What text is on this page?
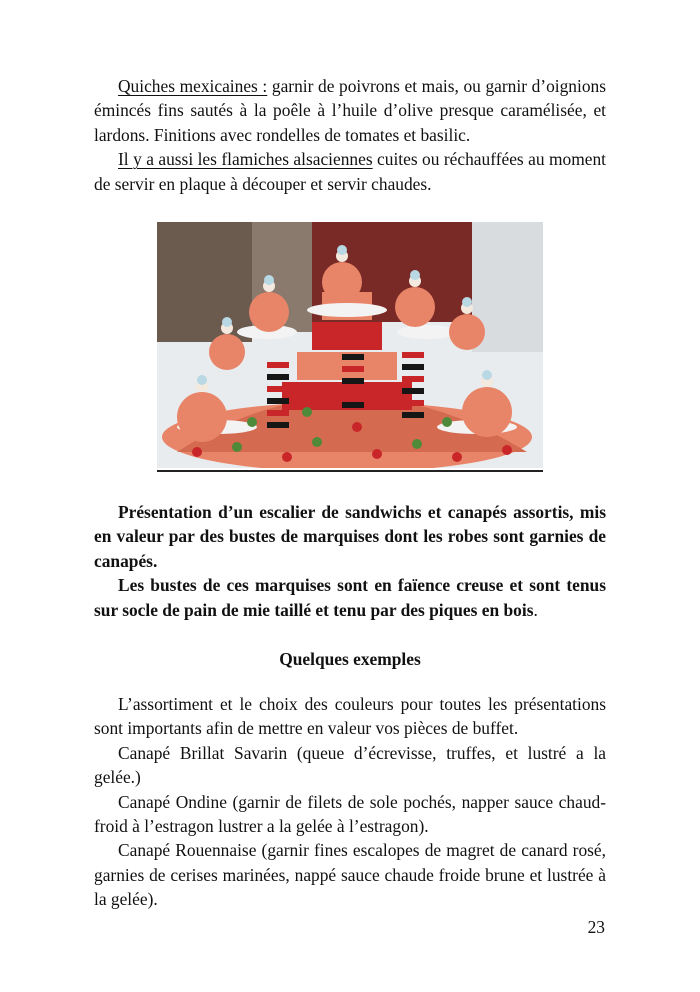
Quiches mexicaines : garnir de poivrons et mais, ou garnir d’oignions émincés fins sautés à la poêle à l’huile d’olive presque caramélisée, et lardons. Finitions avec rondelles de tomates et basilic.

Il y a aussi les flamiches alsaciennes cuites ou réchauffées au moment de servir en plaque à découper et servir chaudes.

Présentation d’un escalier de sandwichs et canapés assortis, mis en valeur par des bustes de marquises dont les robes sont garnies de canapés.

Les bustes de ces marquises sont en faïence creuse et sont tenus sur socle de pain de mie taillé et tenu par des piques en bois.

Quelques exemples

L’assortiment et le choix des couleurs pour toutes les présentations sont importants afin de mettre en valeur vos pièces de buffet.

Canapé Brillat Savarin (queue d’écrevisse, truffes, et lustré a la gelée.)

Canapé Ondine (garnir de filets de sole pochés, napper sauce chaud-froid à l’estragon lustrer a la gelée à l’estragon).

Canapé Rouennaise (garnir fines escalopes de magret de canard rosé, garnies de cerises marinées, nappé sauce chaude froide brune et lustrée à la gelée).

23
